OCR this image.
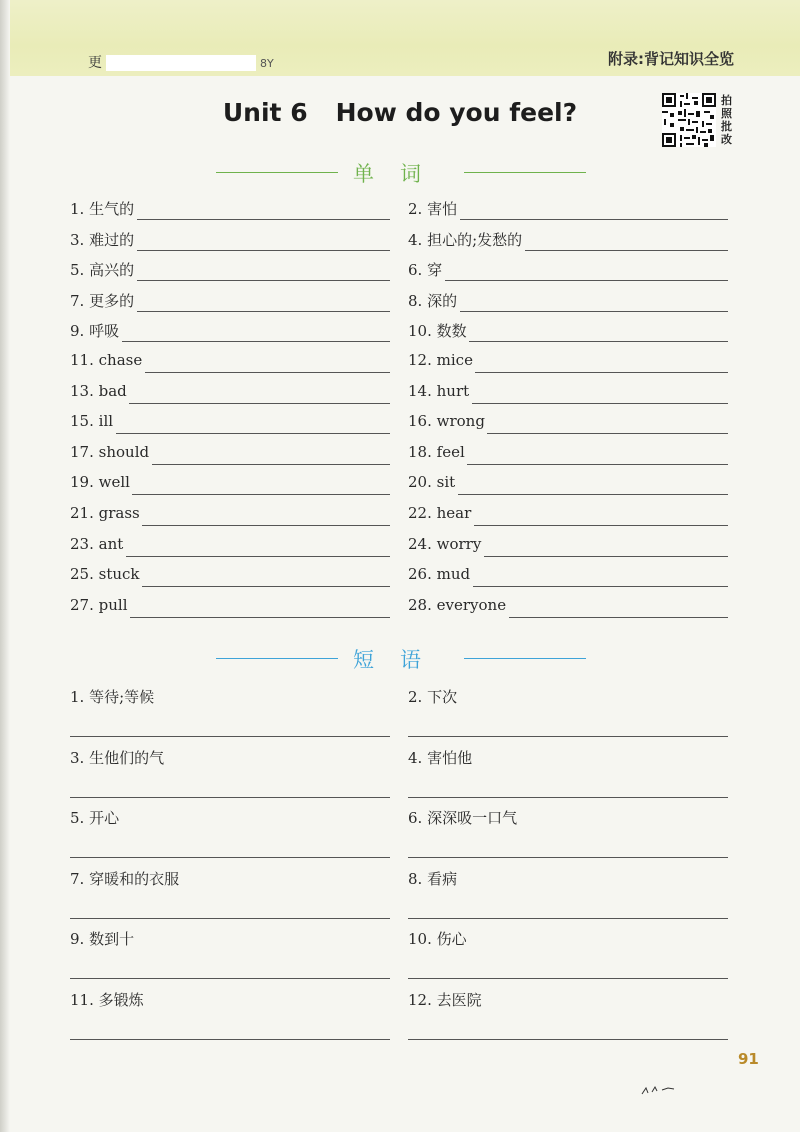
更	8Y	附录:背记知识全览
Unit 6 How do you feel?	拍照批改
单词
1. 生气的	2. 害怕
3. 难过的	4. 担心的;发愁的
5. 高兴的	6. 穿
7. 更多的	8. 深的
9. 呼吸	10. 数数
11. chase	12. mice
13. bad	14. hurt
15. ill	16. wrong
17. should	18. feel
19. well	20. sit
21. grass	22. hear
23. ant	24. worry
25. stuck	26. mud
27. pull	28. everyone
短语
1. 等待;等候	2. 下次
3. 生他们的气	4. 害怕他
5. 开心	6. 深深吸一口气
7. 穿暖和的衣服	8. 看病
9. 数到十	10. 伤心
11. 多锻炼	12. 去医院
91
